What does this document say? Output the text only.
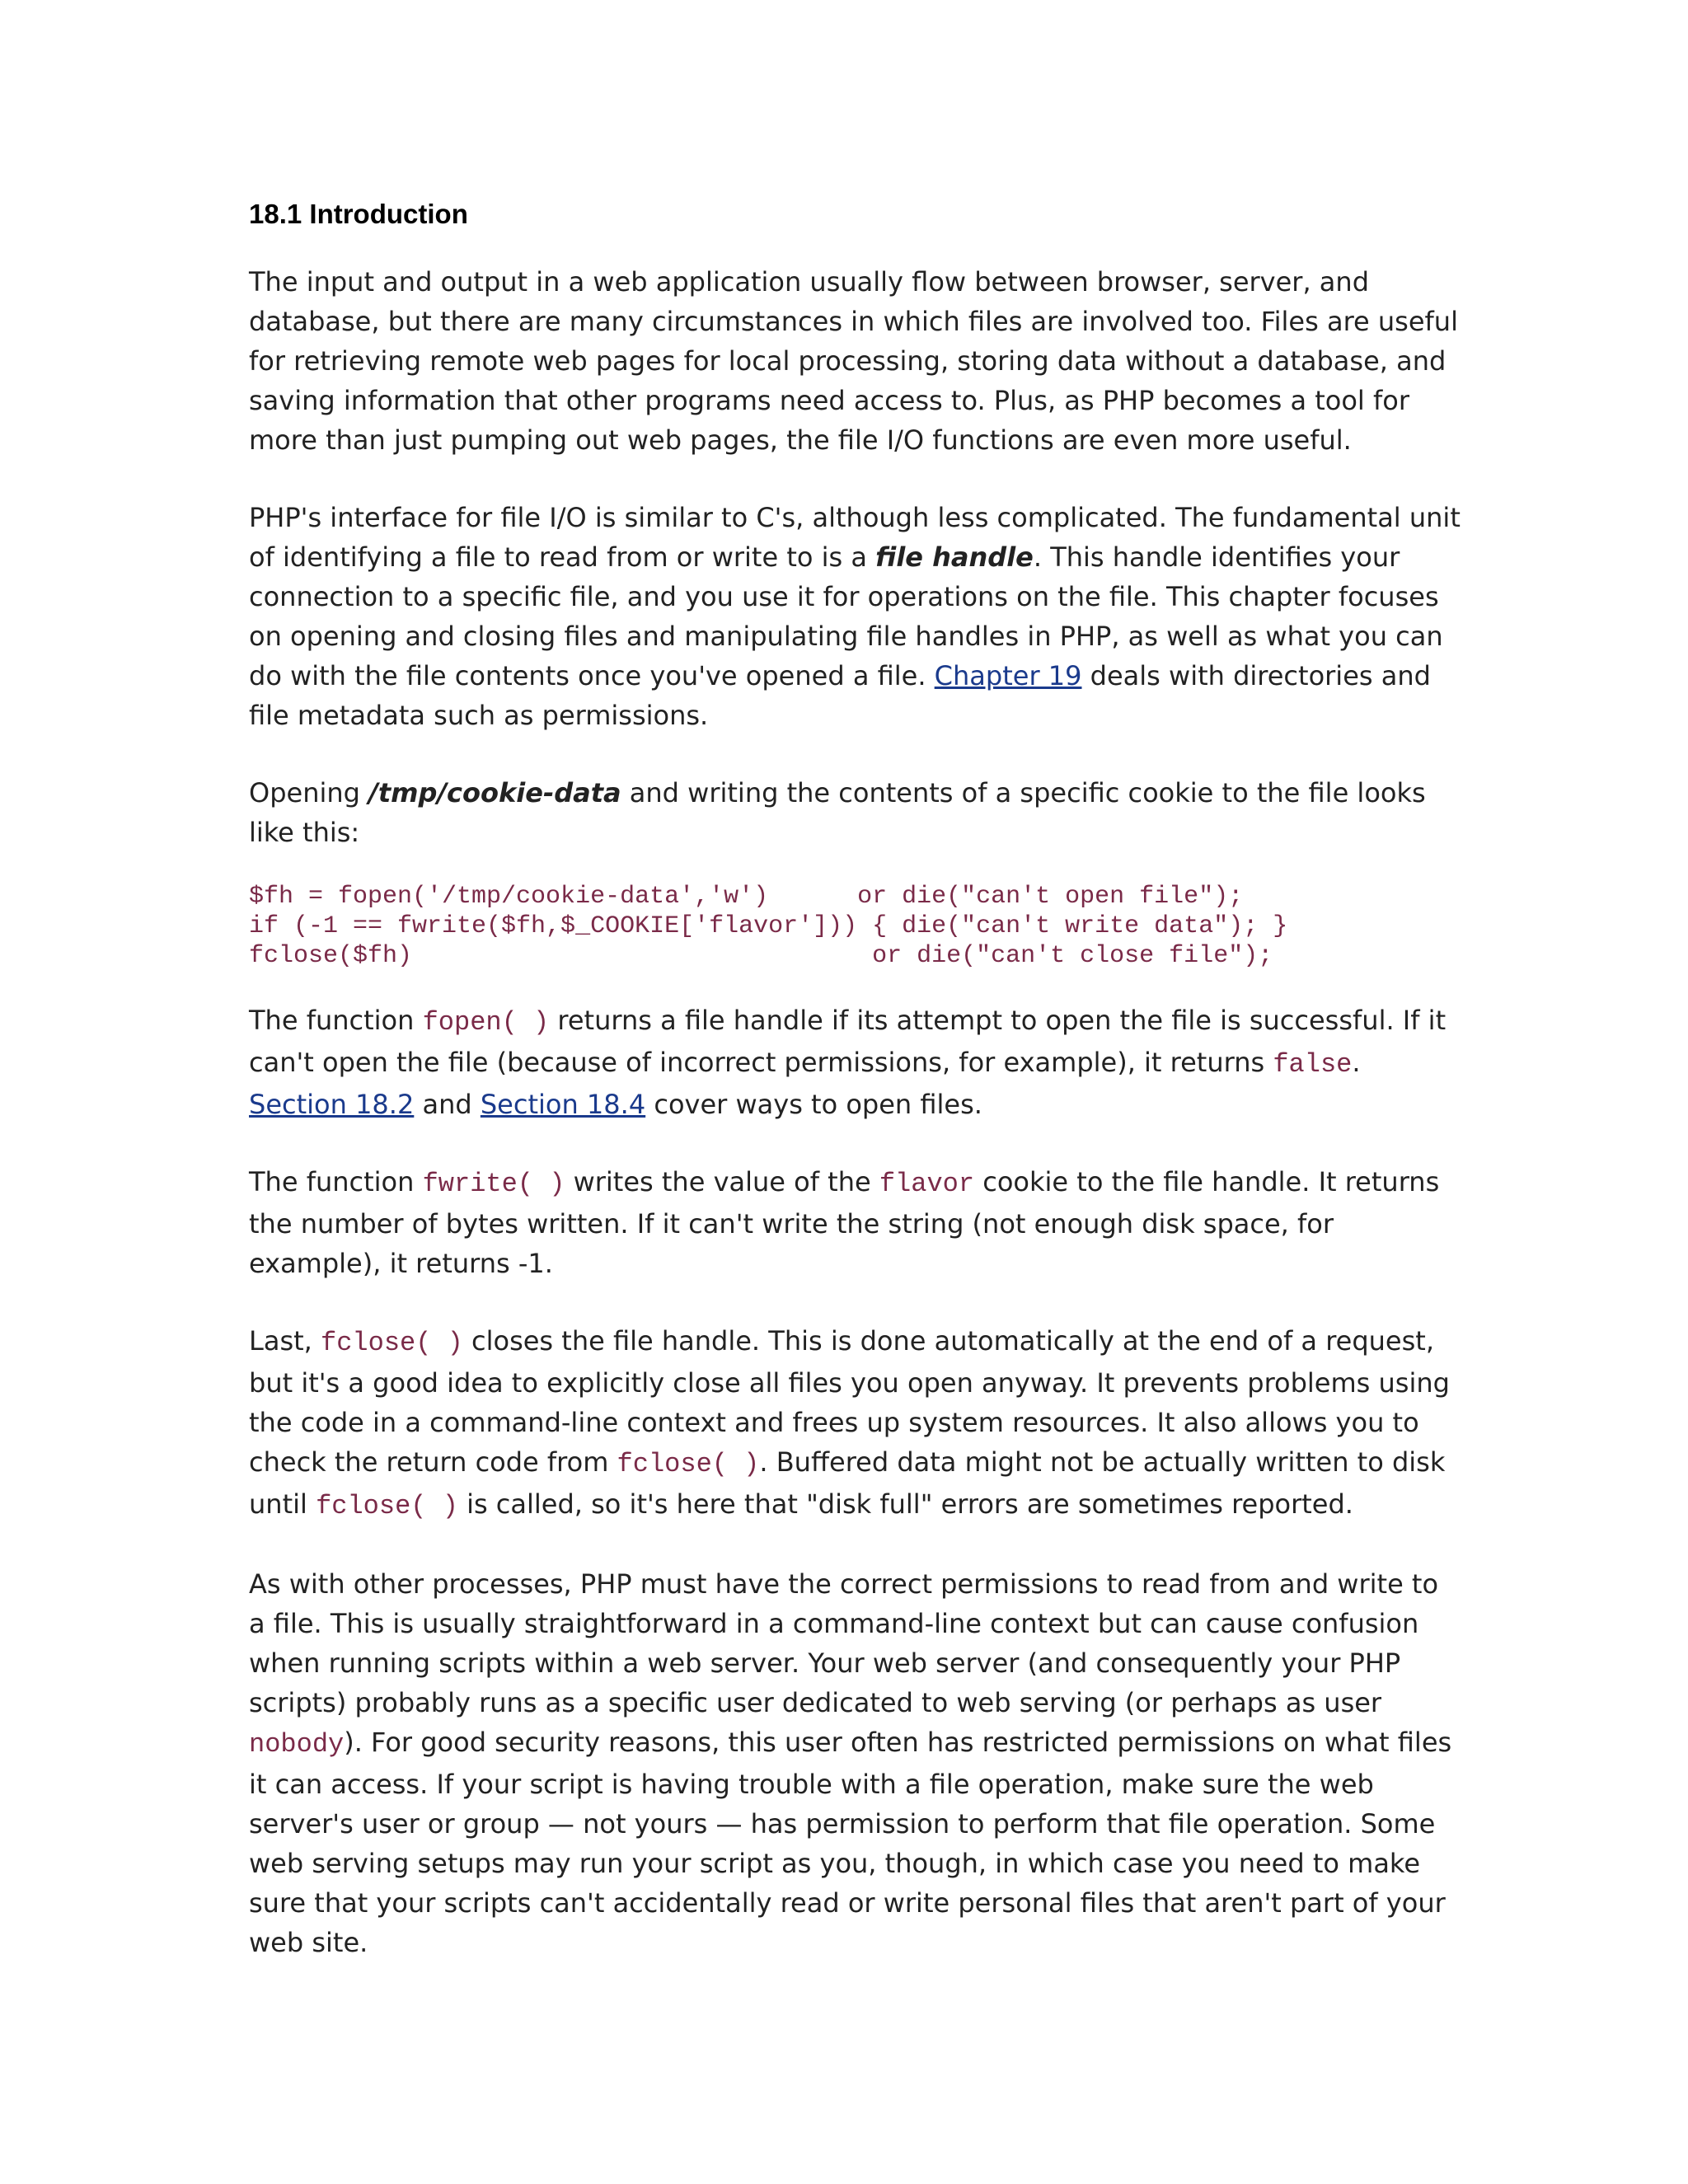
18.1 Introduction

The input and output in a web application usually flow between browser, server, and database, but there are many circumstances in which files are involved too. Files are useful for retrieving remote web pages for local processing, storing data without a database, and saving information that other programs need access to. Plus, as PHP becomes a tool for more than just pumping out web pages, the file I/O functions are even more useful.

PHP's interface for file I/O is similar to C's, although less complicated. The fundamental unit of identifying a file to read from or write to is a file handle. This handle identifies your connection to a specific file, and you use it for operations on the file. This chapter focuses on opening and closing files and manipulating file handles in PHP, as well as what you can do with the file contents once you've opened a file. Chapter 19 deals with directories and file metadata such as permissions.

Opening /tmp/cookie-data and writing the contents of a specific cookie to the file looks like this:

$fh = fopen('/tmp/cookie-data','w')      or die("can't open file");
if (-1 == fwrite($fh,$_COOKIE['flavor'])) { die("can't write data"); }
fclose($fh)                               or die("can't close file");

The function fopen( ) returns a file handle if its attempt to open the file is successful. If it can't open the file (because of incorrect permissions, for example), it returns false. Section 18.2 and Section 18.4 cover ways to open files.

The function fwrite( ) writes the value of the flavor cookie to the file handle. It returns the number of bytes written. If it can't write the string (not enough disk space, for example), it returns -1.

Last, fclose( ) closes the file handle. This is done automatically at the end of a request, but it's a good idea to explicitly close all files you open anyway. It prevents problems using the code in a command-line context and frees up system resources. It also allows you to check the return code from fclose( ). Buffered data might not be actually written to disk until fclose( ) is called, so it's here that "disk full" errors are sometimes reported.

As with other processes, PHP must have the correct permissions to read from and write to a file. This is usually straightforward in a command-line context but can cause confusion when running scripts within a web server. Your web server (and consequently your PHP scripts) probably runs as a specific user dedicated to web serving (or perhaps as user nobody). For good security reasons, this user often has restricted permissions on what files it can access. If your script is having trouble with a file operation, make sure the web server's user or group — not yours — has permission to perform that file operation. Some web serving setups may run your script as you, though, in which case you need to make sure that your scripts can't accidentally read or write personal files that aren't part of your web site.
